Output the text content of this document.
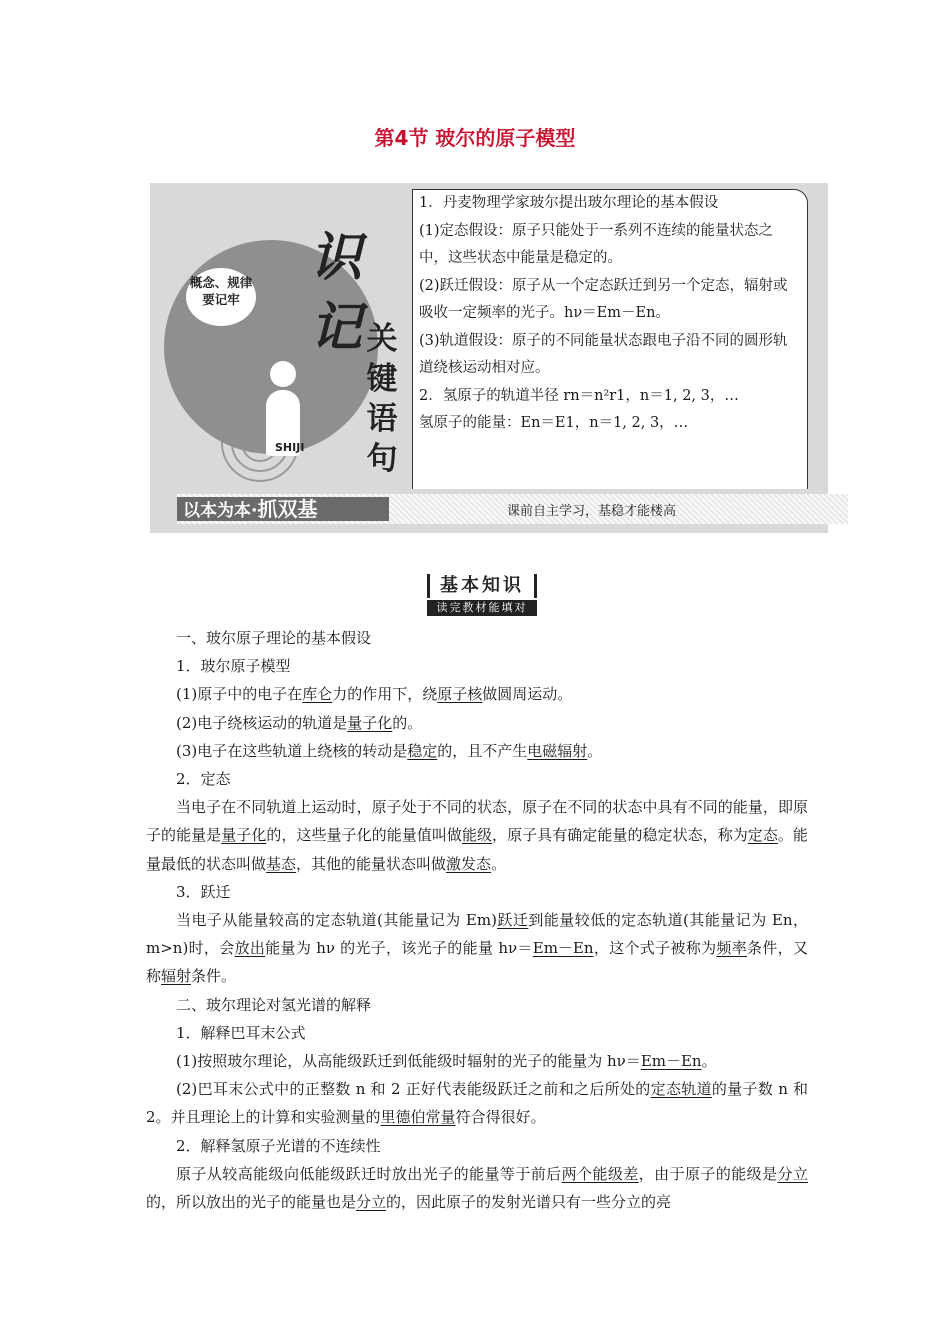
第4节 玻尔的原子模型
概念、规律
要记牢
SHIJI
识
记 关
键
语
句

1．丹麦物理学家玻尔提出玻尔理论的基本假设

(1)定态假设：原子只能处于一系列不连续的能量状态之中，这些状态中能量是稳定的。

(2)跃迁假设：原子从一个定态跃迁到另一个定态，辐射或吸收一定频率的光子。hν＝Em－En。

(3)轨道假设：原子的不同能量状态跟电子沿不同的圆形轨道绕核运动相对应。

2．氢原子的轨道半径 rn＝n²r1，n＝1, 2, 3，…

氢原子的能量：En＝E1，n＝1, 2, 3，…

以本为本·抓双基	课前自主学习，基稳才能楼高
基本知识
读完教材能填对

一、玻尔原子理论的基本假设

1．玻尔原子模型

(1)原子中的电子在库仑力的作用下，绕原子核做圆周运动。

(2)电子绕核运动的轨道是量子化的。

(3)电子在这些轨道上绕核的转动是稳定的，且不产生电磁辐射。

2．定态

当电子在不同轨道上运动时，原子处于不同的状态，原子在不同的状态中具有不同的能量，即原子的能量是量子化的，这些量子化的能量值叫做能级，原子具有确定能量的稳定状态，称为定态。能量最低的状态叫做基态，其他的能量状态叫做激发态。

3．跃迁

当电子从能量较高的定态轨道(其能量记为 Em)跃迁到能量较低的定态轨道(其能量记为 En，m>n)时，会放出能量为 hν 的光子，该光子的能量 hν＝Em－En，这个式子被称为频率条件，又称辐射条件。

二、玻尔理论对氢光谱的解释

1．解释巴耳末公式

(1)按照玻尔理论，从高能级跃迁到低能级时辐射的光子的能量为 hν＝Em－En。

(2)巴耳末公式中的正整数 n 和 2 正好代表能级跃迁之前和之后所处的定态轨道的量子数 n 和 2。并且理论上的计算和实验测量的里德伯常量符合得很好。

2．解释氢原子光谱的不连续性

原子从较高能级向低能级跃迁时放出光子的能量等于前后两个能级差，由于原子的能级是分立的，所以放出的光子的能量也是分立的，因此原子的发射光谱只有一些分立的亮
